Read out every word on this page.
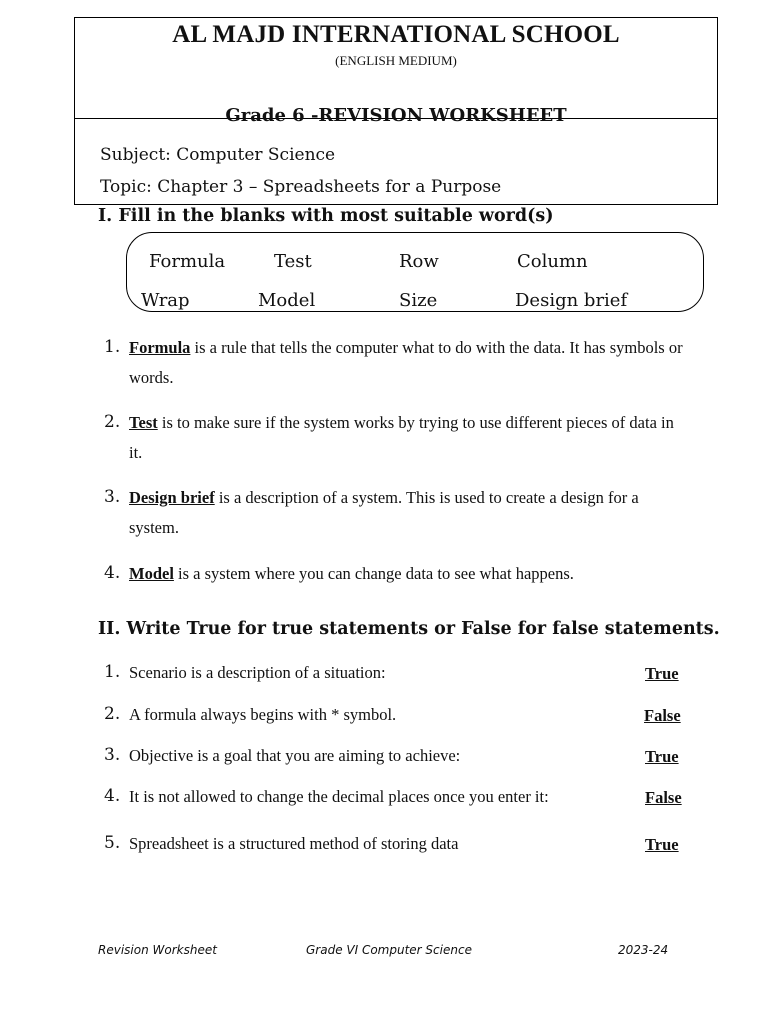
AL MAJD INTERNATIONAL SCHOOL
(ENGLISH MEDIUM)
Grade 6 -REVISION WORKSHEET
Subject: Computer Science
Topic: Chapter 3 – Spreadsheets for a Purpose
I. Fill in the blanks with most suitable word(s)
Formula	Test	Row	Column
Wrap	Model	Size	Design brief
1. Formula is a rule that tells the computer what to do with the data. It has symbols or
words.
2. Test is to make sure if the system works by trying to use different pieces of data in
it.
3. Design brief is a description of a system. This is used to create a design for a
system.
4. Model is a system where you can change data to see what happens.
II. Write True for true statements or False for false statements.
1. Scenario is a description of a situation:	True
2. A formula always begins with * symbol.	False
3. Objective is a goal that you are aiming to achieve:	True
4. It is not allowed to change the decimal places once you enter it:	False
5. Spreadsheet is a structured method of storing data	True
Revision Worksheet	Grade VI Computer Science	2023-24
